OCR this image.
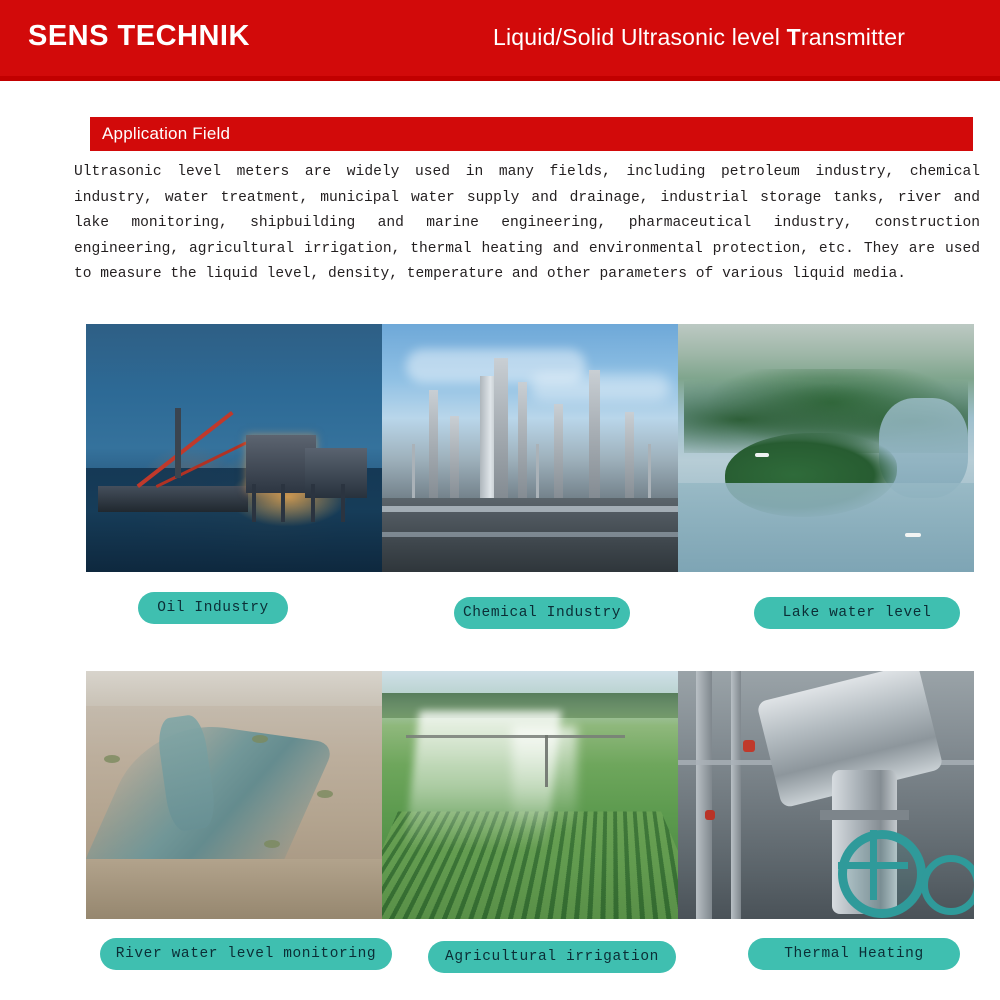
SENS TECHNIK	Liquid/Solid Ultrasonic level Transmitter
Application Field
Ultrasonic level meters are widely used in many fields, including petroleum industry, chemical industry, water treatment, municipal water supply and drainage, industrial storage tanks, river and lake monitoring, shipbuilding and marine engineering, pharmaceutical industry, construction engineering, agricultural irrigation, thermal heating and environmental protection, etc. They are used to measure the liquid level, density, temperature and other parameters of various liquid media.
Oil Industry	Chemical Industry	Lake water level
River water level monitoring	Agricultural irrigation	Thermal Heating
